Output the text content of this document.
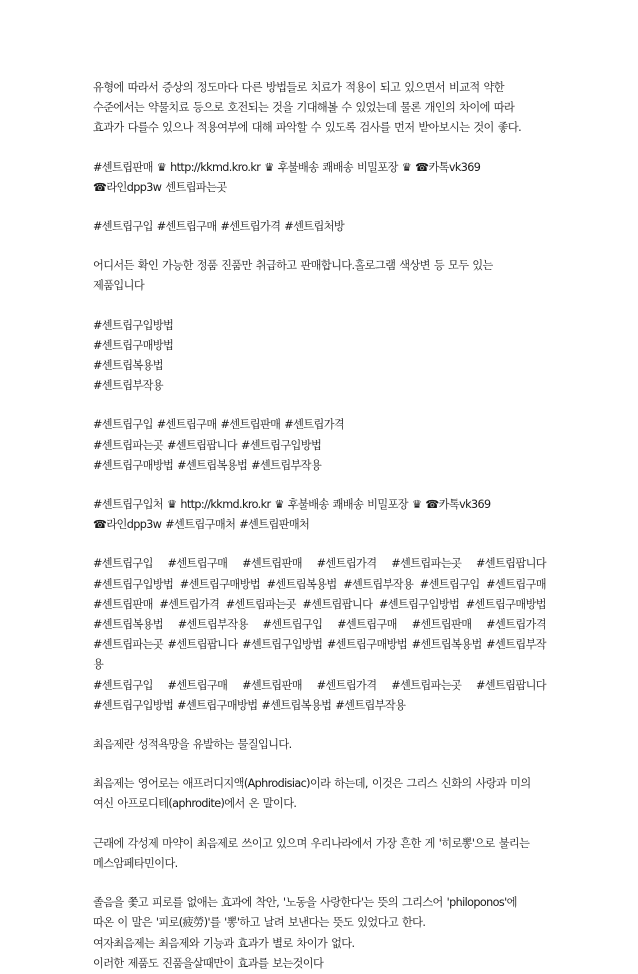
유형에 따라서 증상의 정도마다 다른 방법들로 치료가 적용이 되고 있으면서 비교적 약한

수준에서는 약물치료 등으로 호전되는 것을 기대해볼 수 있었는데 물론 개인의 차이에 따라

효과가 다를수 있으나 적용여부에 대해 파악할 수 있도록 검사를 먼저 받아보시는 것이 좋다.

#센트립판매 ♛ http://kkmd.kro.kr ♛ 후불배송 쾌배송 비밀포장 ♛ ☎카톡vk369

☎라인dpp3w 센트립파는곳

#센트립구입 #센트립구매 #센트립가격 #센트립처방

어디서든 확인 가능한 정품 진품만 취급하고 판매합니다.홀로그램 색상변 등 모두 있는

제품입니다

#센트립구입방법

#센트립구매방법

#센트립복용법

#센트립부작용

#센트립구입 #센트립구매 #센트립판매 #센트립가격

#센트립파는곳 #센트립팝니다 #센트립구입방법

#센트립구매방법 #센트립복용법 #센트립부작용

#센트립구입처 ♛ http://kkmd.kro.kr ♛ 후불배송 쾌배송 비밀포장 ♛ ☎카톡vk369

☎라인dpp3w #센트립구매처 #센트립판매처

#센트립구입 #센트립구매 #센트립판매 #센트립가격 #센트립파는곳 #센트립팝니다

#센트립구입방법 #센트립구매방법 #센트립복용법 #센트립부작용 #센트립구입 #센트립구매

#센트립판매 #센트립가격 #센트립파는곳 #센트립팝니다 #센트립구입방법 #센트립구매방법

#센트립복용법 #센트립부작용 #센트립구입 #센트립구매 #센트립판매 #센트립가격

#센트립파는곳 #센트립팝니다 #센트립구입방법 #센트립구매방법 #센트립복용법 #센트립부작용

#센트립구입 #센트립구매 #센트립판매 #센트립가격 #센트립파는곳 #센트립팝니다

#센트립구입방법 #센트립구매방법 #센트립복용법 #센트립부작용

최음제란 성적욕망을 유발하는 물질입니다.

최음제는 영어로는 애프러디지액(Aphrodisiac)이라 하는데, 이것은 그리스 신화의 사랑과 미의

여신 아프로디테(aphrodite)에서 온 말이다.

근래에 각성제 마약이 최음제로 쓰이고 있으며 우리나라에서 가장 흔한 게 '히로뽕'으로 불리는

메스암페타민이다.

졸음을 쫓고 피로를 없애는 효과에 착안, '노동을 사랑한다'는 뜻의 그리스어 'philoponos'에

따온 이 말은 '피로(疲勞)'를 '뽕'하고 날려 보낸다는 뜻도 있었다고 한다.

여자최음제는 최음제와 기능과 효과가 별로 차이가 없다.

이러한 제품도 진품을살때만이 효과를 보는것이다
